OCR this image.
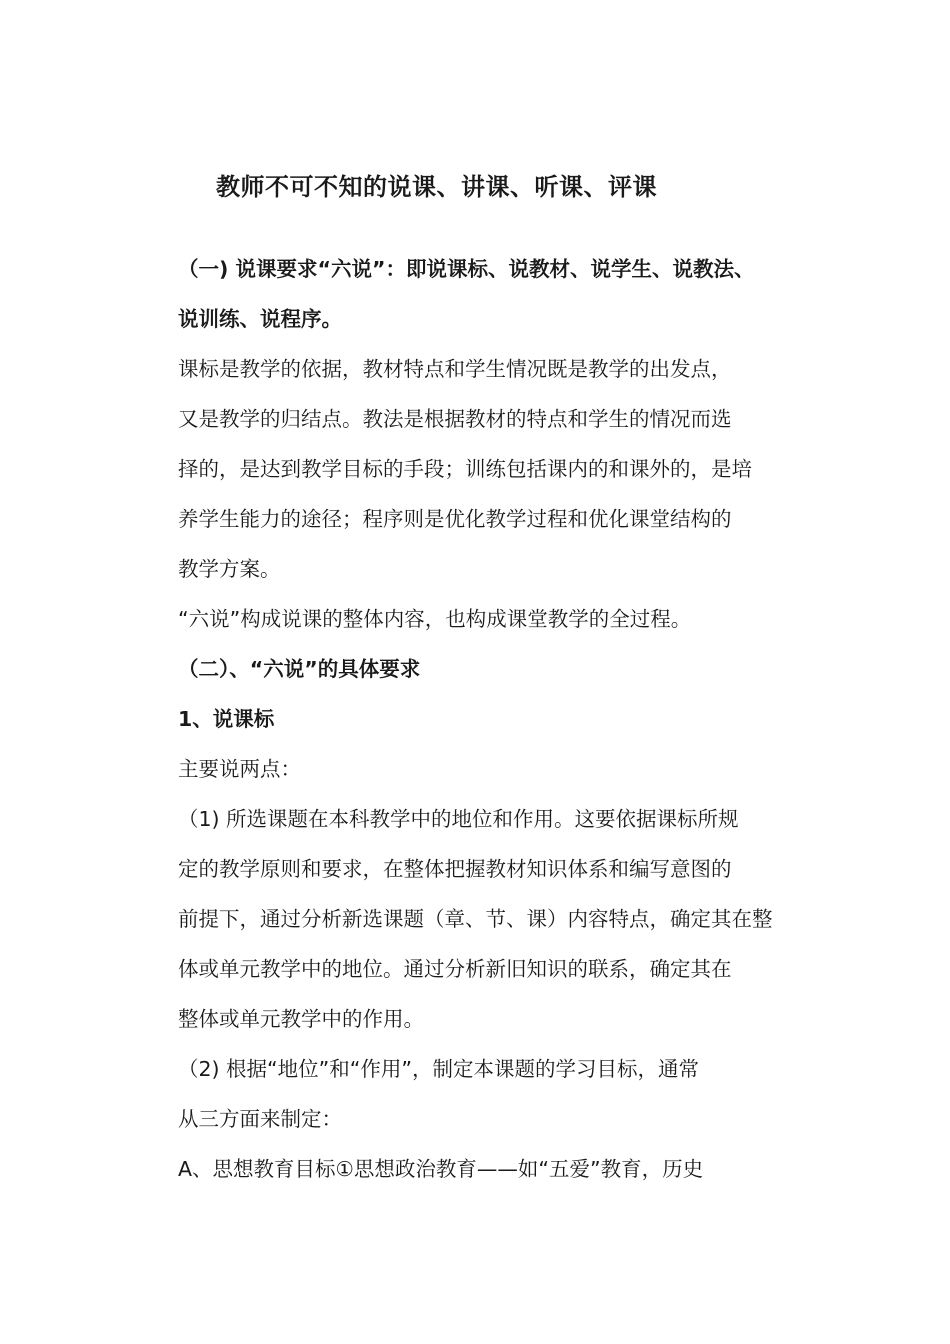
教师不可不知的说课、讲课、听课、评课
（一) 说课要求“六说”：即说课标、说教材、说学生、说教法、
说训练、说程序。
课标是教学的依据，教材特点和学生情况既是教学的出发点，
又是教学的归结点。教法是根据教材的特点和学生的情况而选
择的，是达到教学目标的手段；训练包括课内的和课外的，是培
养学生能力的途径；程序则是优化教学过程和优化课堂结构的
教学方案。
“六说”构成说课的整体内容，也构成课堂教学的全过程。
（二）、“六说”的具体要求
1、说课标
主要说两点：
（1) 所选课题在本科教学中的地位和作用。这要依据课标所规
定的教学原则和要求，在整体把握教材知识体系和编写意图的
前提下，通过分析新选课题（章、节、课）内容特点，确定其在整
体或单元教学中的地位。通过分析新旧知识的联系，确定其在
整体或单元教学中的作用。
（2) 根据“地位”和“作用”，制定本课题的学习目标，通常
从三方面来制定：
A、思想教育目标①思想政治教育——如“五爱”教育，历史
